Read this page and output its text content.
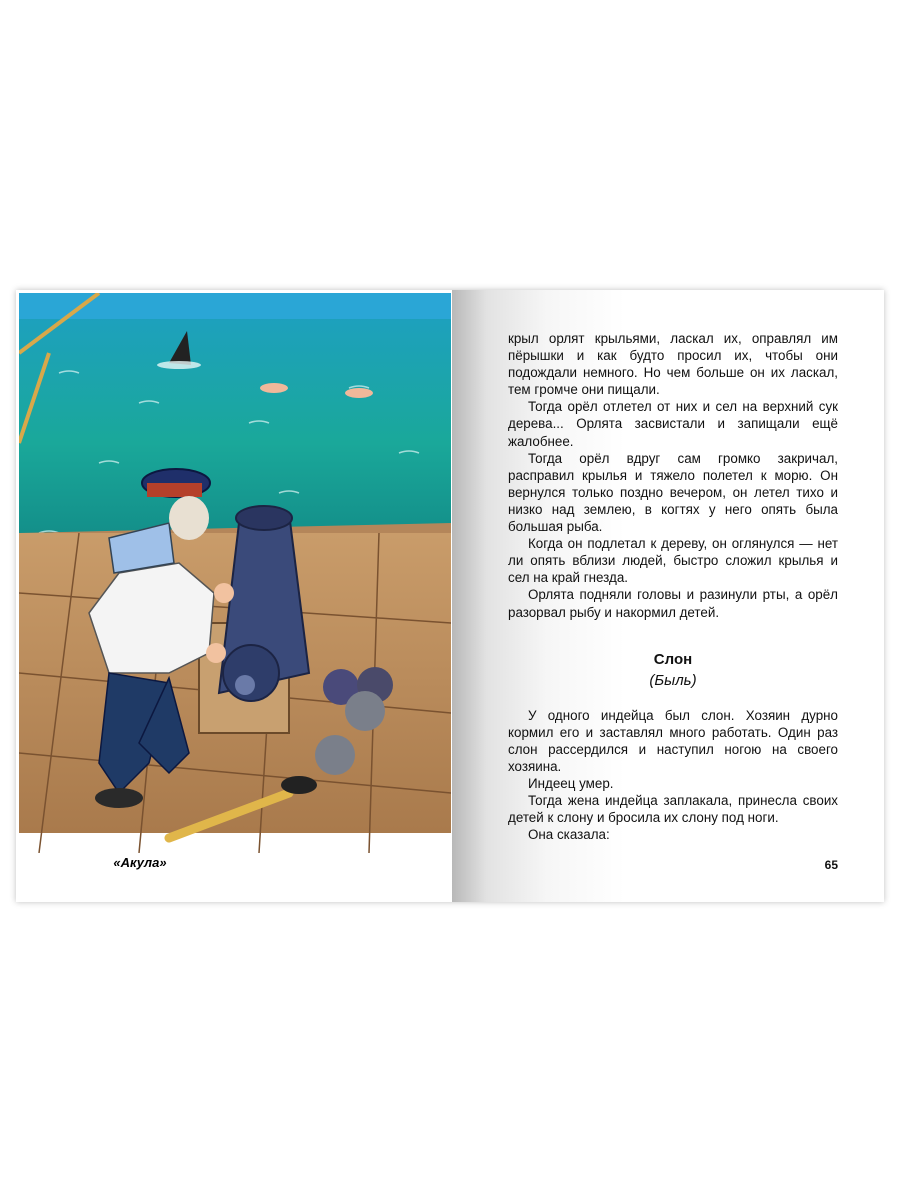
«Акула»

крыл орлят крыльями, ласкал их, оправлял им пёрышки и как будто просил их, чтобы они подождали немного. Но чем больше он их ласкал, тем громче они пищали.

Тогда орёл отлетел от них и сел на верхний сук дерева... Орлята засвистали и запищали ещё жалобнее.

Тогда орёл вдруг сам громко закричал, расправил крылья и тяжело полетел к морю. Он вернулся только поздно вечером, он летел тихо и низко над землею, в когтях у него опять была большая рыба.

Когда он подлетал к дереву, он оглянулся — нет ли опять вблизи людей, быстро сложил крылья и сел на край гнезда.

Орлята подняли головы и разинули рты, а орёл разорвал рыбу и накормил детей.

Слон
(Быль)

У одного индейца был слон. Хозяин дурно кормил его и заставлял много работать. Один раз слон рассердился и наступил ногою на своего хозяина.

Индеец умер.

Тогда жена индейца заплакала, принесла своих детей к слону и бросила их слону под ноги.

Она сказала:

65
